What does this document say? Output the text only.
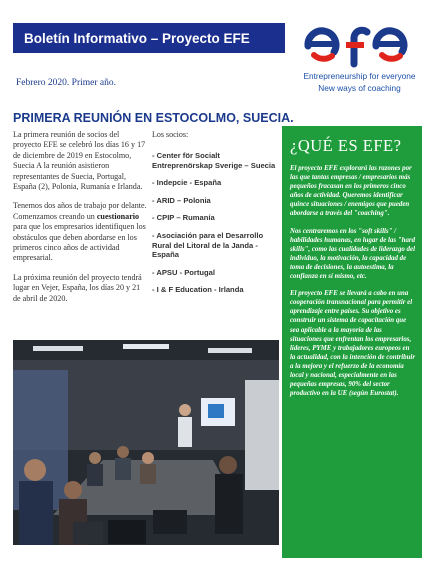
Boletín Informativo – Proyecto EFE
Entrepreneurship for everyone
New ways of coaching
Febrero 2020. Primer año.
PRIMERA REUNIÓN EN ESTOCOLMO, SUECIA.

La primera reunión de socios del proyecto EFE se celebró los días 16 y 17 de diciembre de 2019 en Estocolmo, Suecia A la reunión asistieron representantes de Suecia, Portugal, España (2), Polonia, Rumanía e Irlanda.

Tenemos dos años de trabajo por delante. Comenzamos creando un cuestionario para que los empresarios identifiquen los obstáculos que deben abordarse en los primeros cinco años de actividad empresarial.

La próxima reunión del proyecto tendrá lugar en Vejer, España, los días 20 y 21 de abril de 2020.

Los socios:
- Center för Socialt Entreprenörskap Sverige – Suecia
- Indepcie - España
- ARID – Polonia
- CPIP – Rumanía
- Asociación para el Desarrollo Rural del Litoral de la Janda - España
- APSU - Portugal
- I & F Education - Irlanda
¿QUÉ ES EFE?

El proyecto EFE explorará las razones por las que tantas empresas / empresarios más pequeños fracasan en los primeros cinco años de actividad. Queremos identificar quince situaciones / enemigos que pueden abordarse a través del "coaching".

Nos centraremos en los "soft skills" / habilidades humanas, en lugar de las "hard skills", como las cualidades de liderazgo del individuo, la motivación, la capacidad de toma de decisiones, la autoestima, la confianza en sí mismo, etc.

El proyecto EFE se llevará a cabo en una cooperación transnacional para permitir el aprendizaje entre países. Su objetivo es construir un sistema de capacitación que sea aplicable a la mayoría de las situaciones que enfrentan los empresarios, líderes, PYME y trabajadores europeos en la actualidad, con la intención de contribuir a la mejora y el refuerzo de la economía local y nacional, especialmente en las pequeñas empresas, 90% del sector productivo en la UE (según Eurostat).
